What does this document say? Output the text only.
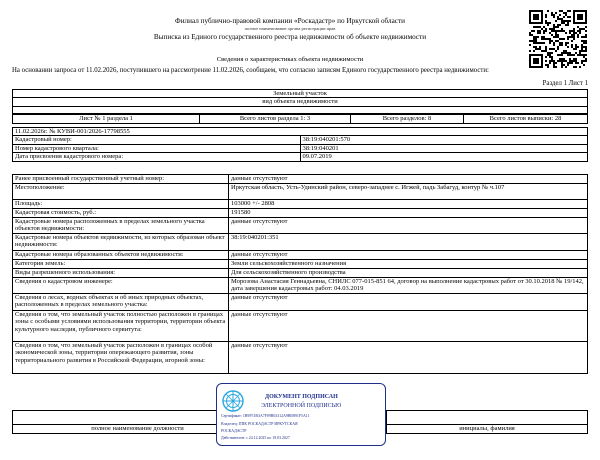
Филиал публично-правовой компании «Роскадастр» по Иркутской области
полное наименование органа регистрации прав
Выписка из Единого государственного реестра недвижимости об объекте недвижимости
Сведения о характеристиках объекта недвижимости
На основании запроса от 11.02.2026, поступившего на рассмотрение 11.02.2026, сообщаем, что согласно записям Единого государственного реестра недвижимости:
Раздел 1 Лист 1
Земельный участок
вид объекта недвижимости

Лист № 1 раздела 1	Всего листов раздела 1: 3	Всего разделов: 8	Всего листов выписки: 28
11.02.2026г. № КУВИ-001/2026-17798555	
Кадастровый номер:	38:19:040201:570
Номер кадастрового квартала:	38:19:040201
Дата присвоения кадастрового номера:	09.07.2019
Ранее присвоенный государственный учетный номер:	данные отсутствуют
Местоположение:	Иркутская область, Усть-Удинский район, северо-западнее с. Игжей, падь Забагуд, контур № ч.107
Площадь:	103000 +/- 2808
Кадастровая стоимость, руб.:	191580
Кадастровые номера расположенных в пределах земельного участка объектов недвижимости:	данные отсутствуют
Кадастровые номера объектов недвижимости, из которых образован объект недвижимости:	38:19:040201:351
Кадастровые номера образованных объектов недвижимости:	данные отсутствуют
Категория земель:	Земли сельскохозяйственного назначения
Виды разрешенного использования:	Для сельскохозяйственного производства
Сведения о кадастровом инженере:	Морозова Анастасия Геннадьевна, СНИЛС 077-015-851 64, договор на выполнение кадастровых работ от 30.10.2018 № 19/142, дата завершения кадастровых работ: 04.03.2019
Сведения о лесах, водных объектах и об иных природных объектах, расположенных в пределах земельного участка:	данные отсутствуют
Сведения о том, что земельный участок полностью расположен в границах зоны с особыми условиями использования территории, территории объекта культурного наследия, публичного сервитута:	данные отсутствуют
Сведения о том, что земельный участок расположен в границах особой экономической зоны, территории опережающего развития, зоны территориального развития в Российской Федерации, игорной зоны:	данные отсутствуют

полное наименование должности		инициалы, фамилия
ДОКУМЕНТ ПОДПИСАН
ЭЛЕКТРОННОЙ ПОДПИСЬЮ
Сертификат: 1B9F51B3A7F09B03312A9B0B91F5A11
Владелец: ППК РОСКАДАСТР ИРКУТСКАЯ
РОСКАДАСТР
Действителен: с 24.12.2025 по 19.03.2027
